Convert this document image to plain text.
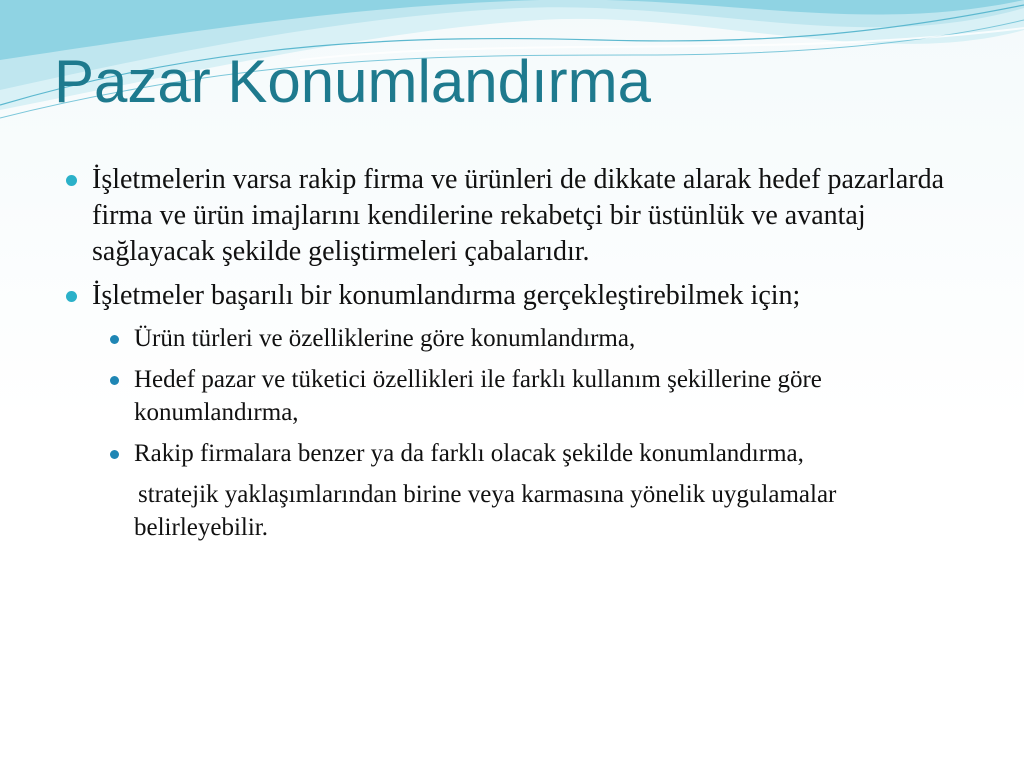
Pazar Konumlandırma
İşletmelerin varsa rakip firma ve ürünleri de dikkate alarak hedef pazarlarda firma ve ürün imajlarını kendilerine rekabetçi bir üstünlük ve avantaj sağlayacak şekilde geliştirmeleri çabalarıdır.
İşletmeler başarılı bir konumlandırma gerçekleştirebilmek için;
Ürün türleri ve özelliklerine göre konumlandırma,
Hedef pazar ve tüketici özellikleri ile farklı kullanım şekillerine göre konumlandırma,
Rakip firmalara benzer ya da farklı olacak şekilde konumlandırma,
stratejik yaklaşımlarından birine veya karmasına yönelik uygulamalar belirleyebilir.
